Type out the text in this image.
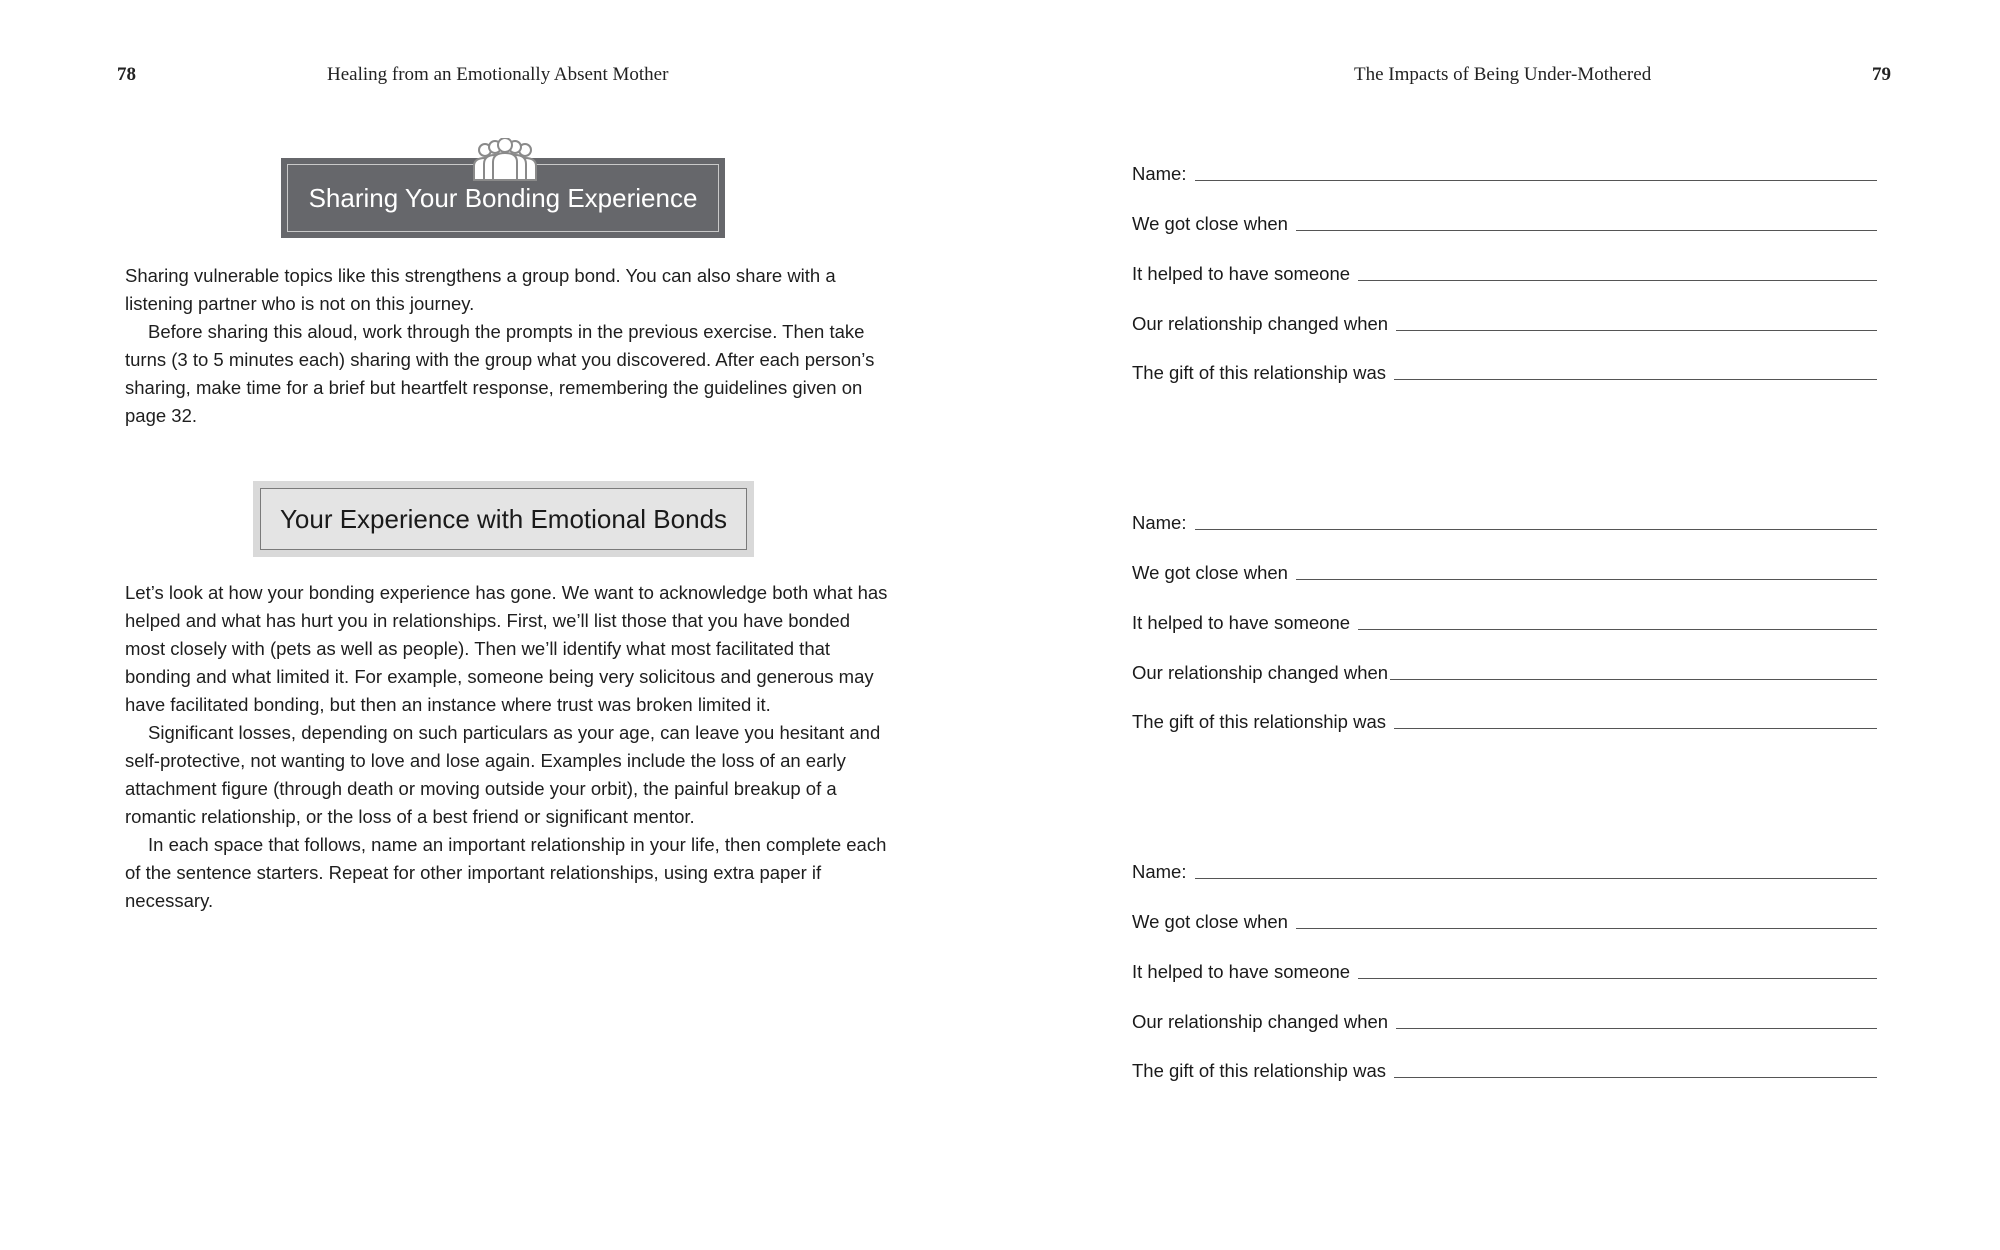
78	Healing from an Emotionally Absent Mother
Sharing Your Bonding Experience

Sharing vulnerable topics like this strengthens a group bond. You can also share with a listening partner who is not on this journey.

Before sharing this aloud, work through the prompts in the previous exercise. Then take turns (3 to 5 minutes each) sharing with the group what you discovered. After each person’s sharing, make time for a brief but heartfelt response, remembering the guidelines given on page 32.

Your Experience with Emotional Bonds

Let’s look at how your bonding experience has gone. We want to acknowledge both what has helped and what has hurt you in relationships. First, we’ll list those that you have bonded most closely with (pets as well as people). Then we’ll identify what most facilitated that bonding and what limited it. For example, someone being very solicitous and generous may have facilitated bonding, but then an instance where trust was broken limited it.

Significant losses, depending on such particulars as your age, can leave you hesitant and self-protective, not wanting to love and lose again. Examples include the loss of an early attachment figure (through death or moving outside your orbit), the painful breakup of a romantic relationship, or the loss of a best friend or significant mentor.

In each space that follows, name an important relationship in your life, then complete each of the sentence starters. Repeat for other important relationships, using extra paper if necessary.

The Impacts of Being Under-Mothered	79
Name:
We got close when
It helped to have someone
Our relationship changed when
The gift of this relationship was
Name:
We got close when
It helped to have someone
Our relationship changed when
The gift of this relationship was
Name:
We got close when
It helped to have someone
Our relationship changed when
The gift of this relationship was
